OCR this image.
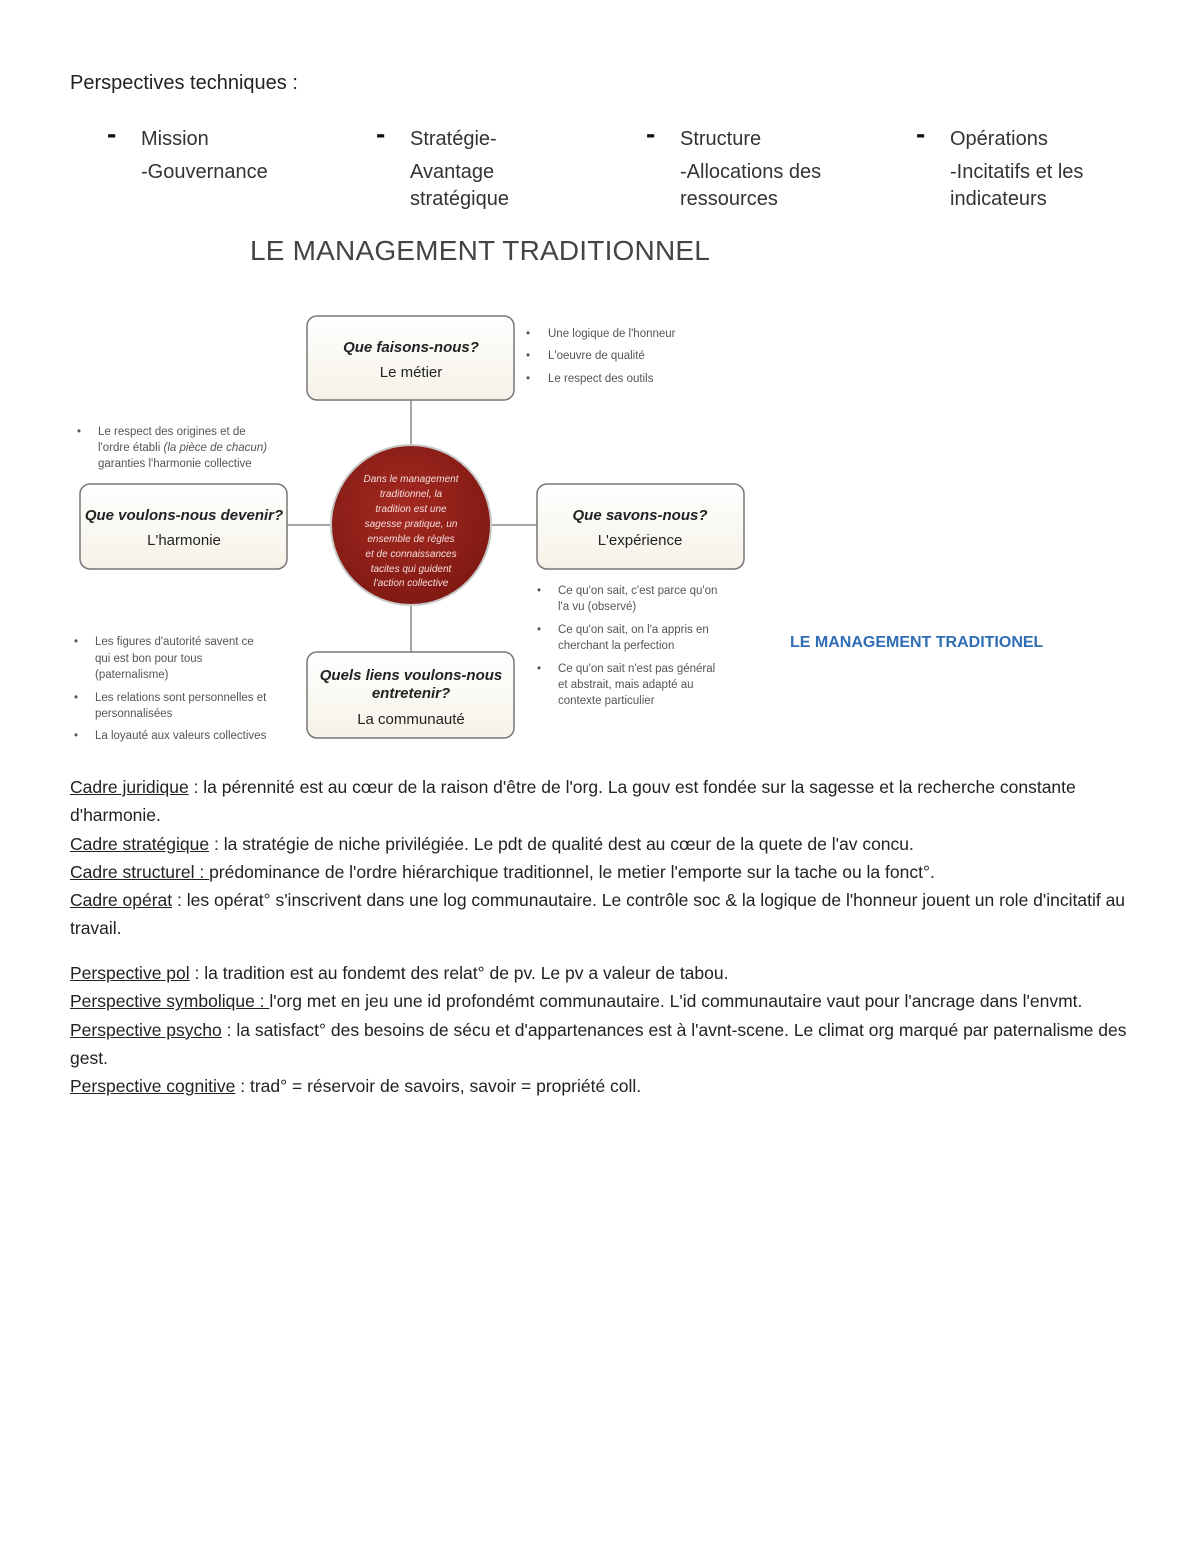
Perspectives techniques :
- Mission
-Gouvernance
- Stratégie-
Avantage stratégique
- Structure
-Allocations des ressources
- Opérations
-Incitatifs et les indicateurs
LE MANAGEMENT TRADITIONNEL
Que faisons-nous?
Le métier
Que voulons-nous devenir?
L'harmonie
Que savons-nous?
L'expérience
Quels liens voulons-nous
entretenir?
La communauté
Dans le management
traditionnel, la
tradition est une
sagesse pratique, un
ensemble de règles
et de connaissances
tacites qui guident
l'action collective
• Une logique de l'honneur
• L'oeuvre de qualité
• Le respect des outils
• Le respect des origines et de
l'ordre établi (la pièce de chacun)
garanties l'harmonie collective
• Ce qu'on sait, c'est parce qu'on
l'a vu (observé)
• Ce qu'on sait, on l'a appris en
cherchant la perfection
• Ce qu'on sait n'est pas général
et abstrait, mais adapté au
contexte particulier
• Les figures d'autorité savent ce
qui est bon pour tous
(paternalisme)
• Les relations sont personnelles et
personnalisées
• La loyauté aux valeurs collectives
LE MANAGEMENT TRADITIONEL

Cadre juridique : la pérennité est au cœur de la raison d'être de l'org. La gouv est fondée sur la sagesse et la recherche constante d'harmonie.

Cadre stratégique : la stratégie de niche privilégiée. Le pdt de qualité dest au cœur de la quete de l'av concu.

Cadre structurel : prédominance de l'ordre hiérarchique traditionnel, le metier l'emporte sur la tache ou la fonct°.

Cadre opérat : les opérat° s'inscrivent dans une log communautaire. Le contrôle soc & la logique de l'honneur jouent un role d'incitatif au travail.

Perspective pol : la tradition est au fondemt des relat° de pv. Le pv a valeur de tabou.

Perspective symbolique : l'org met en jeu une id profondémt communautaire. L'id communautaire vaut pour l'ancrage dans l'envmt.

Perspective psycho : la satisfact° des besoins de sécu et d'appartenances est à l'avnt-scene. Le climat org marqué par paternalisme des gest.

Perspective cognitive : trad° = réservoir de savoirs, savoir = propriété coll.
